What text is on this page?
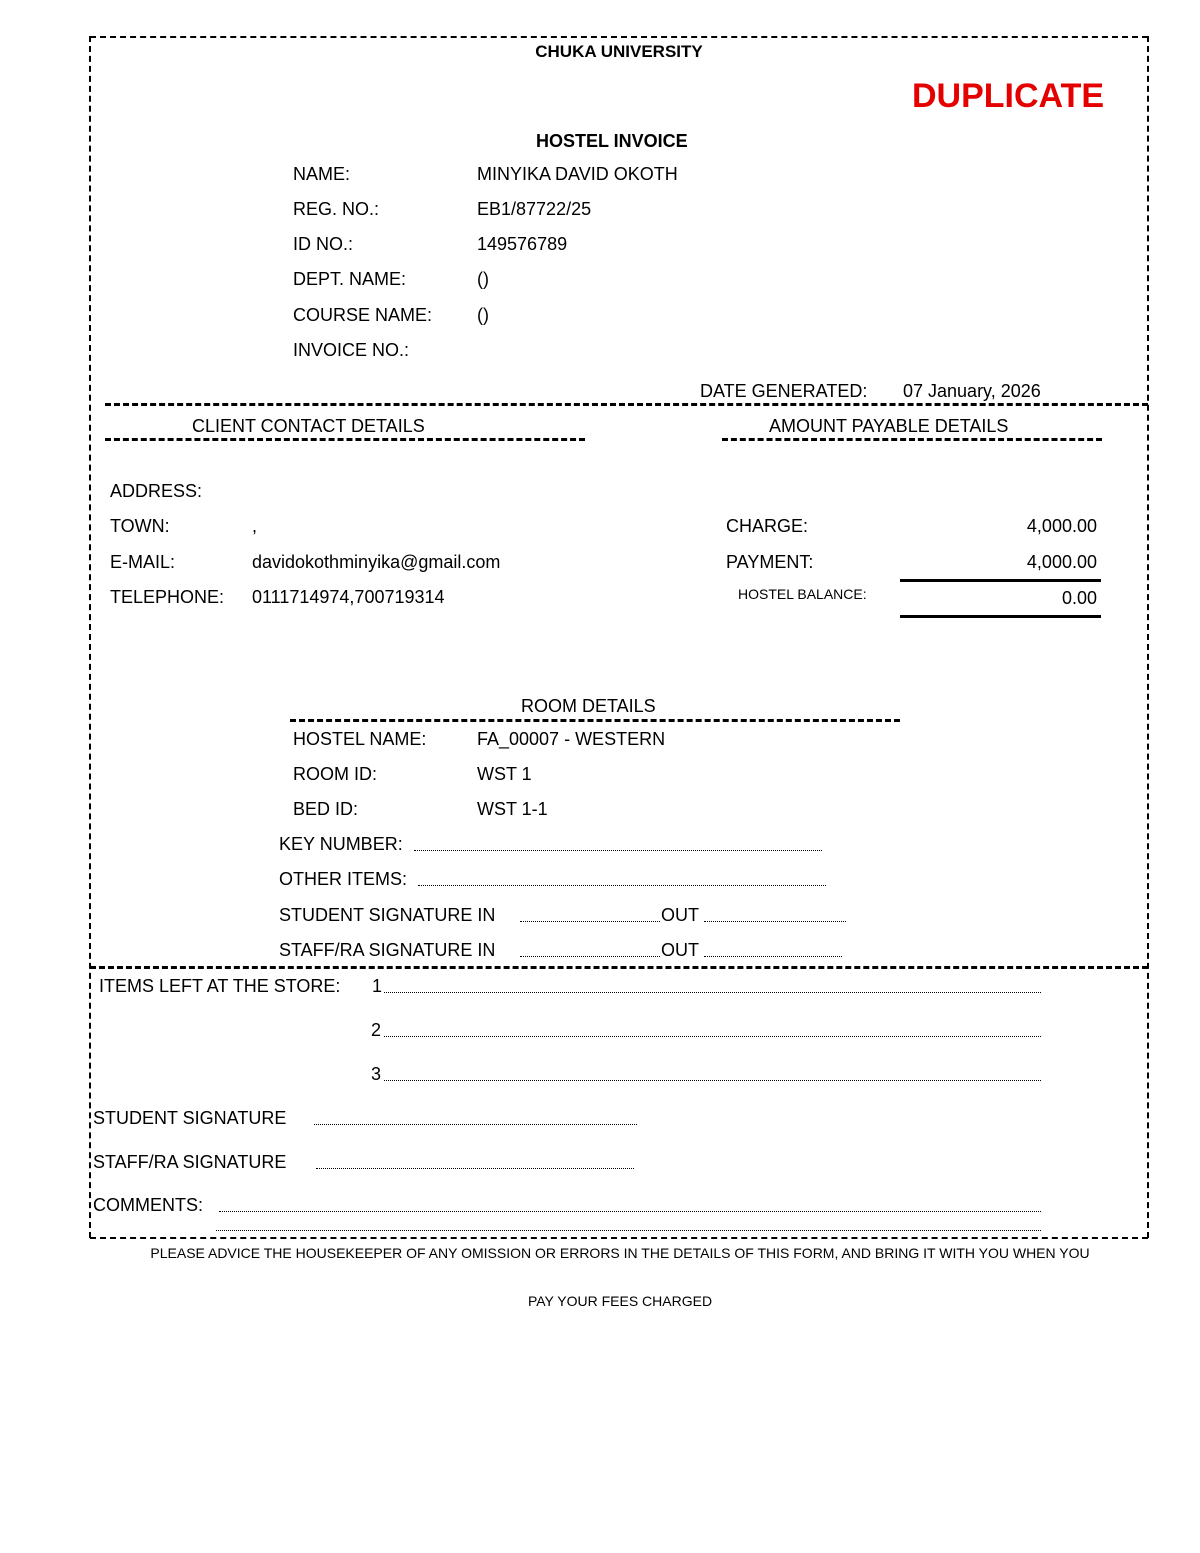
CHUKA UNIVERSITY
DUPLICATE
HOSTEL INVOICE
NAME:	MINYIKA DAVID OKOTH
REG. NO.:	EB1/87722/25
ID NO.:	149576789
DEPT. NAME:	()
COURSE NAME: ()
INVOICE NO.:
DATE GENERATED: 07 January, 2026
CLIENT CONTACT DETAILS
ADDRESS:
TOWN:	,
E-MAIL:	davidokothminyika@gmail.com
TELEPHONE: 0111714974,700719314
AMOUNT PAYABLE DETAILS
CHARGE:	4,000.00
PAYMENT:	4,000.00
HOSTEL BALANCE:	0.00
ROOM DETAILS
HOSTEL NAME:	FA_00007 - WESTERN
ROOM ID:	WST 1
BED ID:	WST 1-1
KEY NUMBER:
OTHER ITEMS:
STUDENT SIGNATURE IN	OUT
STAFF/RA SIGNATURE IN	OUT
ITEMS LEFT AT THE STORE: 1
2
3
STUDENT SIGNATURE
STAFF/RA SIGNATURE
COMMENTS:
PLEASE ADVICE THE HOUSEKEEPER OF ANY OMISSION OR ERRORS IN THE DETAILS OF THIS FORM, AND BRING IT WITH YOU WHEN YOU
PAY YOUR FEES CHARGED
